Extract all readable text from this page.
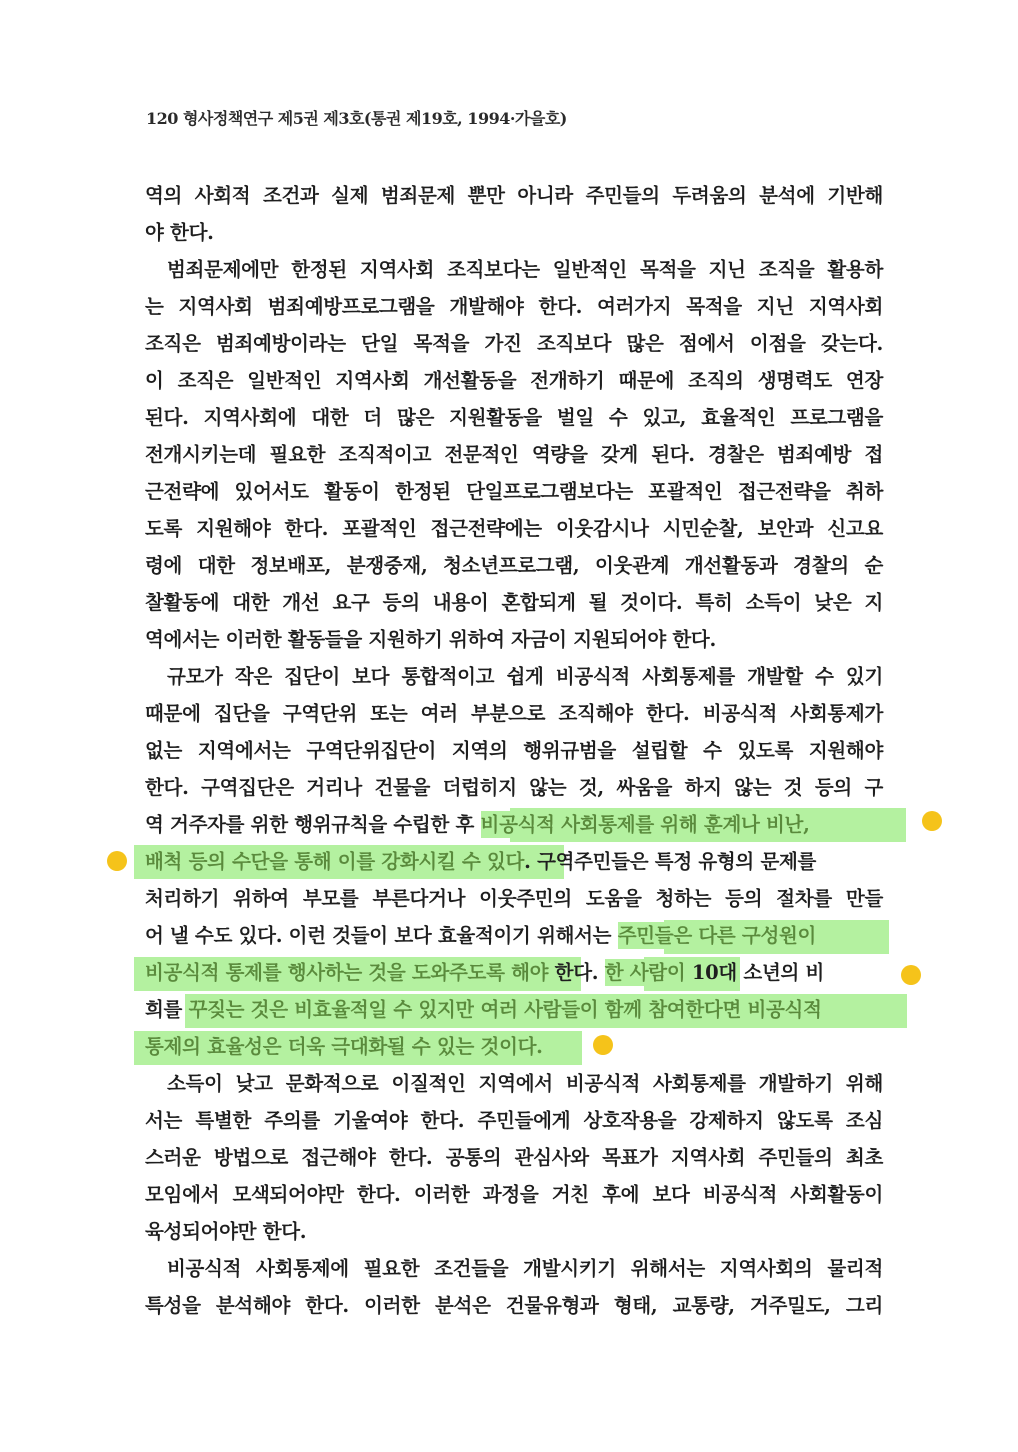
120 형사정책연구 제5권 제3호(통권 제19호, 1994·가을호)
역의 사회적 조건과 실제 범죄문제 뿐만 아니라 주민들의 두려움의 분석에 기반해
야 한다.
범죄문제에만 한정된 지역사회 조직보다는 일반적인 목적을 지닌 조직을 활용하
는 지역사회 범죄예방프로그램을 개발해야 한다. 여러가지 목적을 지닌 지역사회
조직은 범죄예방이라는 단일 목적을 가진 조직보다 많은 점에서 이점을 갖는다.
이 조직은 일반적인 지역사회 개선활동을 전개하기 때문에 조직의 생명력도 연장
된다. 지역사회에 대한 더 많은 지원활동을 벌일 수 있고, 효율적인 프로그램을
전개시키는데 필요한 조직적이고 전문적인 역량을 갖게 된다. 경찰은 범죄예방 접
근전략에 있어서도 활동이 한정된 단일프로그램보다는 포괄적인 접근전략을 취하
도록 지원해야 한다. 포괄적인 접근전략에는 이웃감시나 시민순찰, 보안과 신고요
령에 대한 정보배포, 분쟁중재, 청소년프로그램, 이웃관계 개선활동과 경찰의 순
찰활동에 대한 개선 요구 등의 내용이 혼합되게 될 것이다. 특히 소득이 낮은 지
역에서는 이러한 활동들을 지원하기 위하여 자금이 지원되어야 한다.
규모가 작은 집단이 보다 통합적이고 쉽게 비공식적 사회통제를 개발할 수 있기
때문에 집단을 구역단위 또는 여러 부분으로 조직해야 한다. 비공식적 사회통제가
없는 지역에서는 구역단위집단이 지역의 행위규범을 설립할 수 있도록 지원해야
한다. 구역집단은 거리나 건물을 더럽히지 않는 것, 싸움을 하지 않는 것 등의 구
역 거주자를 위한 행위규칙을 수립한 후 비공식적 사회통제를 위해 훈계나 비난,
배척 등의 수단을 통해 이를 강화시킬 수 있다. 구역주민들은 특정 유형의 문제를
처리하기 위하여 부모를 부른다거나 이웃주민의 도움을 청하는 등의 절차를 만들
어 낼 수도 있다. 이런 것들이 보다 효율적이기 위해서는 주민들은 다른 구성원이
비공식적 통제를 행사하는 것을 도와주도록 해야 한다. 한 사람이 10대 소년의 비
희를 꾸짖는 것은 비효율적일 수 있지만 여러 사람들이 함께 참여한다면 비공식적
통제의 효율성은 더욱 극대화될 수 있는 것이다.
소득이 낮고 문화적으로 이질적인 지역에서 비공식적 사회통제를 개발하기 위해
서는 특별한 주의를 기울여야 한다. 주민들에게 상호작용을 강제하지 않도록 조심
스러운 방법으로 접근해야 한다. 공통의 관심사와 목표가 지역사회 주민들의 최초
모임에서 모색되어야만 한다. 이러한 과정을 거친 후에 보다 비공식적 사회활동이
육성되어야만 한다.
비공식적 사회통제에 필요한 조건들을 개발시키기 위해서는 지역사회의 물리적
특성을 분석해야 한다. 이러한 분석은 건물유형과 형태, 교통량, 거주밀도, 그리
